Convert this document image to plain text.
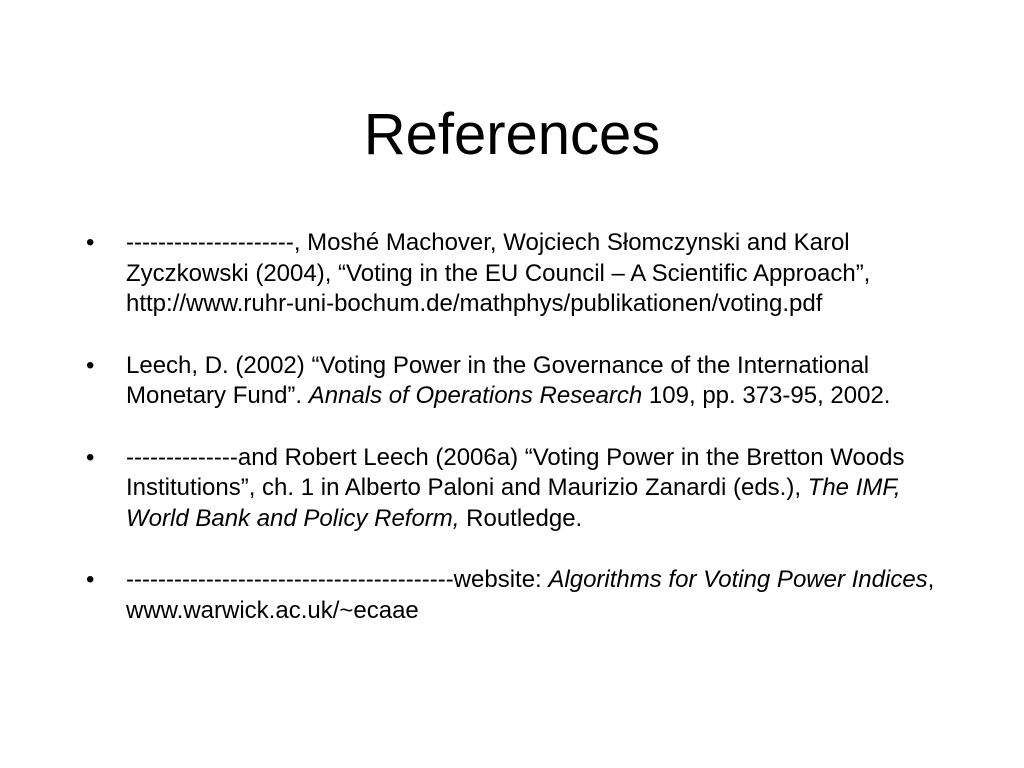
References
• ---------------------, Moshé Machover, Wojciech Słomczynski and Karol Zyczkowski (2004), “Voting in the EU Council – A Scientific Approach”, http://www.ruhr-uni-bochum.de/mathphys/publikationen/voting.pdf
• Leech, D. (2002) “Voting Power in the Governance of the International Monetary Fund”. Annals of Operations Research 109, pp. 373-95, 2002.
• --------------and Robert Leech (2006a) “Voting Power in the Bretton Woods Institutions”, ch. 1 in Alberto Paloni and Maurizio Zanardi (eds.), The IMF, World Bank and Policy Reform, Routledge.
• -----------------------------------------website: Algorithms for Voting Power Indices, www.warwick.ac.uk/~ecaae
